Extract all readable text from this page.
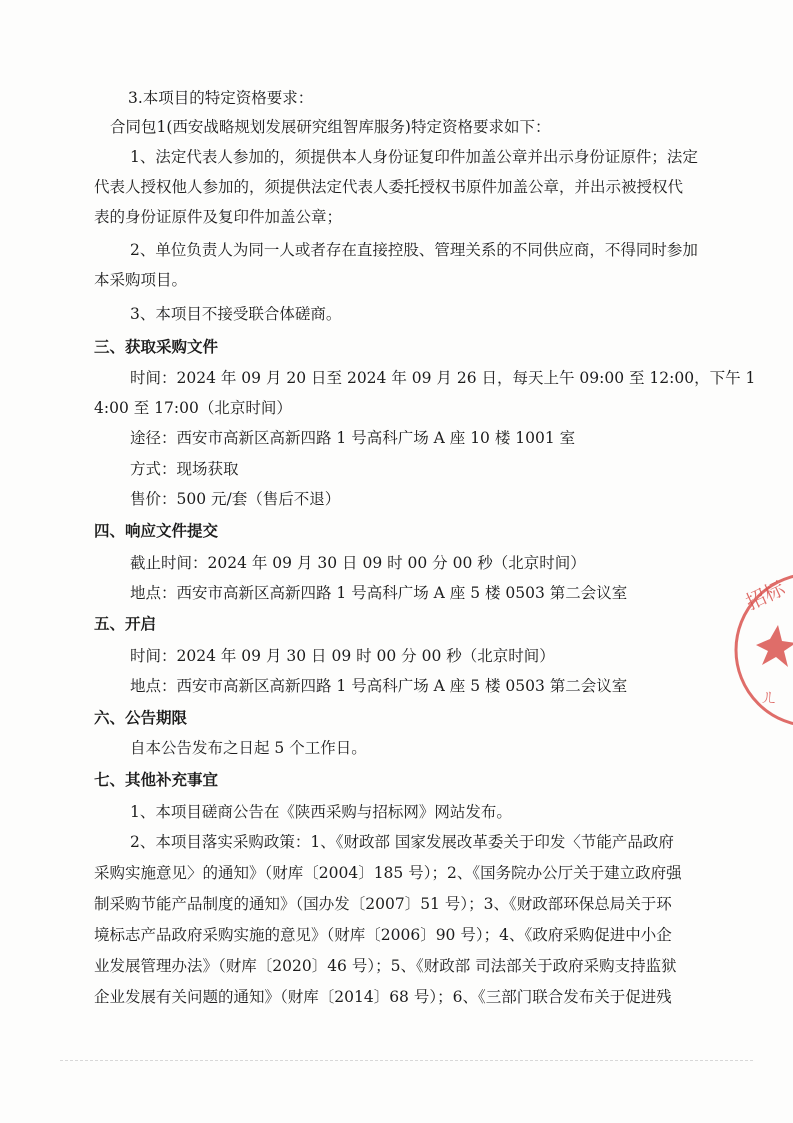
3.本项目的特定资格要求：
合同包1(西安战略规划发展研究组智库服务)特定资格要求如下：
1、法定代表人参加的，须提供本人身份证复印件加盖公章并出示身份证原件；法定
代表人授权他人参加的，须提供法定代表人委托授权书原件加盖公章，并出示被授权代
表的身份证原件及复印件加盖公章；
2、单位负责人为同一人或者存在直接控股、管理关系的不同供应商，不得同时参加
本采购项目。
3、本项目不接受联合体磋商。
三、获取采购文件
时间：2024 年 09 月 20 日至 2024 年 09 月 26 日，每天上午 09:00 至 12:00，下午 1
4:00 至 17:00（北京时间）
途径：西安市高新区高新四路 1 号高科广场 A 座 10 楼 1001 室
方式：现场获取
售价：500 元/套（售后不退）
四、响应文件提交
截止时间：2024 年 09 月 30 日 09 时 00 分 00 秒（北京时间）
地点：西安市高新区高新四路 1 号高科广场 A 座 5 楼 0503 第二会议室
五、开启
时间：2024 年 09 月 30 日 09 时 00 分 00 秒（北京时间）
地点：西安市高新区高新四路 1 号高科广场 A 座 5 楼 0503 第二会议室
六、公告期限
自本公告发布之日起 5 个工作日。
七、其他补充事宜
1、本项目磋商公告在《陕西采购与招标网》网站发布。
2、本项目落实采购政策：1、《财政部 国家发展改革委关于印发〈节能产品政府
采购实施意见〉的通知》（财库〔2004〕185 号）；2、《国务院办公厅关于建立政府强
制采购节能产品制度的通知》（国办发〔2007〕51 号）；3、《财政部环保总局关于环
境标志产品政府采购实施的意见》（财库〔2006〕90 号）；4、《政府采购促进中小企
业发展管理办法》（财库〔2020〕46 号）；5、《财政部 司法部关于政府采购支持监狱
企业发展有关问题的通知》（财库〔2014〕68 号）；6、《三部门联合发布关于促进残
招标
ㄦ
